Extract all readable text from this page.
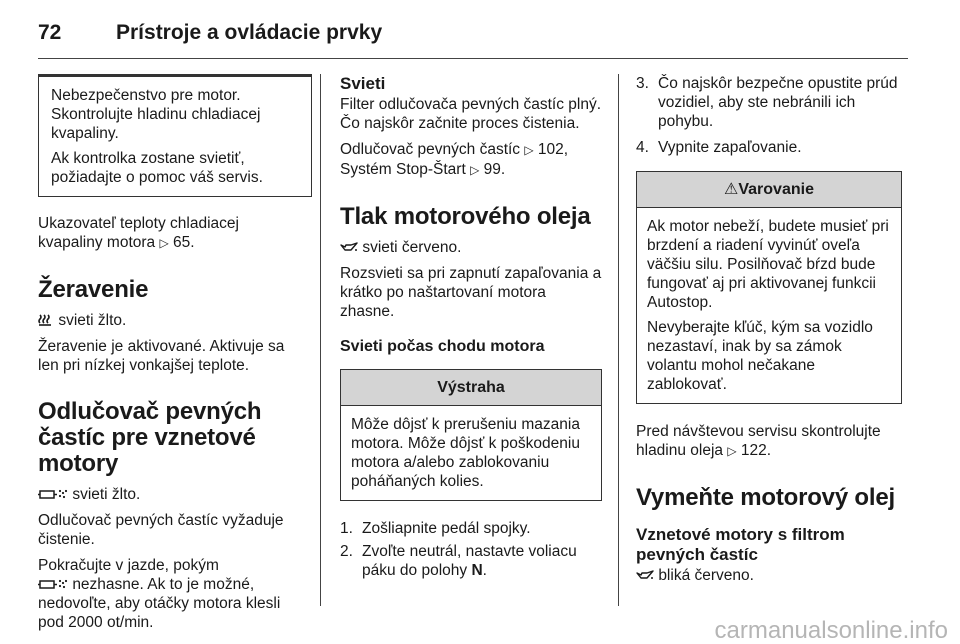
72	Prístroje a ovládacie prvky

Nebezpečenstvo pre motor. Skontrolujte hladinu chladiacej kvapaliny.

Ak kontrolka zostane svietiť, požiadajte o pomoc váš servis.

Ukazovateľ teploty chladiacej kvapaliny motora ▷ 65.

Žeravenie

svieti žlto.

Žeravenie je aktivované. Aktivuje sa len pri nízkej vonkajšej teplote.

Odlučovač pevných častíc pre vznetové motory

svieti žlto.

Odlučovač pevných častíc vyžaduje čistenie.

Pokračujte v jazde, pokým
nezhasne. Ak to je možné, nedovoľte, aby otáčky motora klesli pod 2000 ot/min.

Svieti

Filter odlučovača pevných častíc plný. Čo najskôr začnite proces čistenia.

Odlučovač pevných častíc ▷ 102,
Systém Stop-Štart ▷ 99.

Tlak motorového oleja

svieti červeno.

Rozsvieti sa pri zapnutí zapaľovania a krátko po naštartovaní motora zhasne.

Svieti počas chodu motora
Výstraha

Môže dôjsť k prerušeniu mazania motora. Môže dôjsť k poškodeniu motora a/alebo zablokovaniu poháňaných kolies.

1. Zošliapnite pedál spojky.
2. Zvoľte neutrál, nastavte voliacu páku do polohy N.
3. Čo najskôr bezpečne opustite prúd vozidiel, aby ste nebránili ich pohybu.
4. Vypnite zapaľovanie.
⚠Varovanie

Ak motor nebeží, budete musieť pri brzdení a riadení vyvinúť oveľa väčšiu silu. Posilňovač bŕzd bude fungovať aj pri aktivovanej funkcii Autostop.

Nevyberajte kľúč, kým sa vozidlo nezastaví, inak by sa zámok volantu mohol nečakane zablokovať.

Pred návštevou servisu skontrolujte hladinu oleja ▷ 122.

Vymeňte motorový olej
Vznetové motory s filtrom pevných častíc

bliká červeno.

carmanualsonline.info
